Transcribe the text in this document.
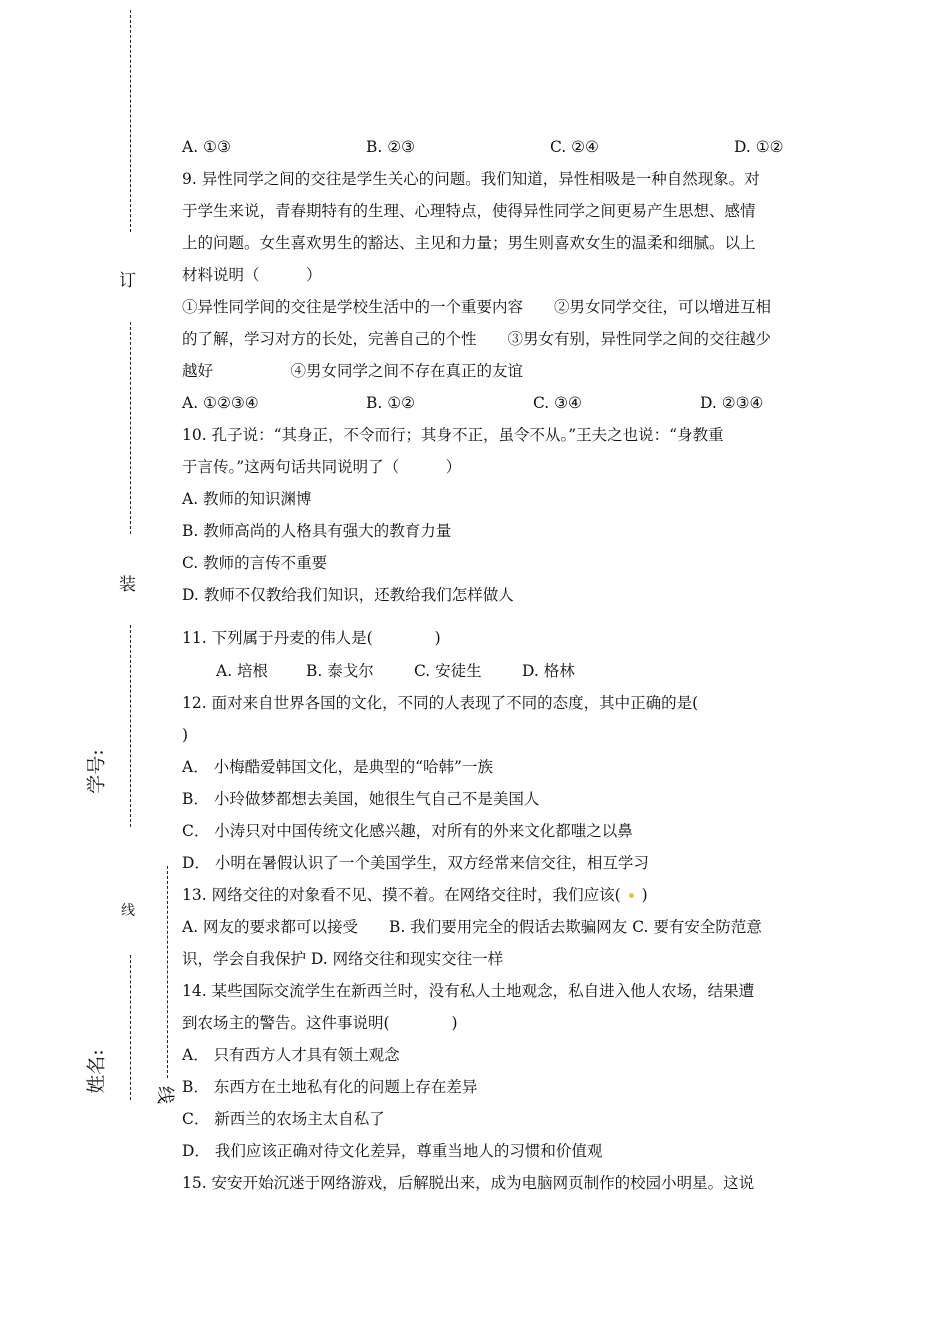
订
装
学号:
线
姓名:
线
A. ①③	B. ②③	C. ②④	D. ①②
9. 异性同学之间的交往是学生关心的问题。我们知道，异性相吸是一种自然现象。对
于学生来说，青春期特有的生理、心理特点，使得异性同学之间更易产生思想、感情
上的问题。女生喜欢男生的豁达、主见和力量；男生则喜欢女生的温柔和细腻。以上
材料说明（　　　）
①异性同学间的交往是学校生活中的一个重要内容　　②男女同学交往，可以增进互相
的了解，学习对方的长处，完善自己的个性　　③男女有别，异性同学之间的交往越少
越好　　　　　④男女同学之间不存在真正的友谊
A. ①②③④	B. ①②	C. ③④	D. ②③④
10. 孔子说：“其身正，不令而行；其身不正，虽令不从。”王夫之也说：“身教重
于言传。”这两句话共同说明了（　　　）
A. 教师的知识渊博
B. 教师高尚的人格具有强大的教育力量
C. 教师的言传不重要
D. 教师不仅教给我们知识，还教给我们怎样做人
11. 下列属于丹麦的伟人是(　　　　)
A. 培根 B. 泰戈尔	C. 安徒生	D. 格林
12. 面对来自世界各国的文化，不同的人表现了不同的态度，其中正确的是(
)
A． 小梅酷爱韩国文化，是典型的“哈韩”一族
B． 小玲做梦都想去美国，她很生气自己不是美国人
C． 小涛只对中国传统文化感兴趣，对所有的外来文化都嗤之以鼻
D． 小明在暑假认识了一个美国学生，双方经常来信交往，相互学习
13. 网络交往的对象看不见、摸不着。在网络交往时，我们应该( )
A. 网友的要求都可以接受　　B. 我们要用完全的假话去欺骗网友 C. 要有安全防范意
识，学会自我保护 D. 网络交往和现实交往一样
14. 某些国际交流学生在新西兰时，没有私人土地观念，私自进入他人农场，结果遭
到农场主的警告。这件事说明(　　　　)
A． 只有西方人才具有领土观念
B． 东西方在土地私有化的问题上存在差异
C． 新西兰的农场主太自私了
D． 我们应该正确对待文化差异，尊重当地人的习惯和价值观
15. 安安开始沉迷于网络游戏，后解脱出来，成为电脑网页制作的校园小明星。这说
